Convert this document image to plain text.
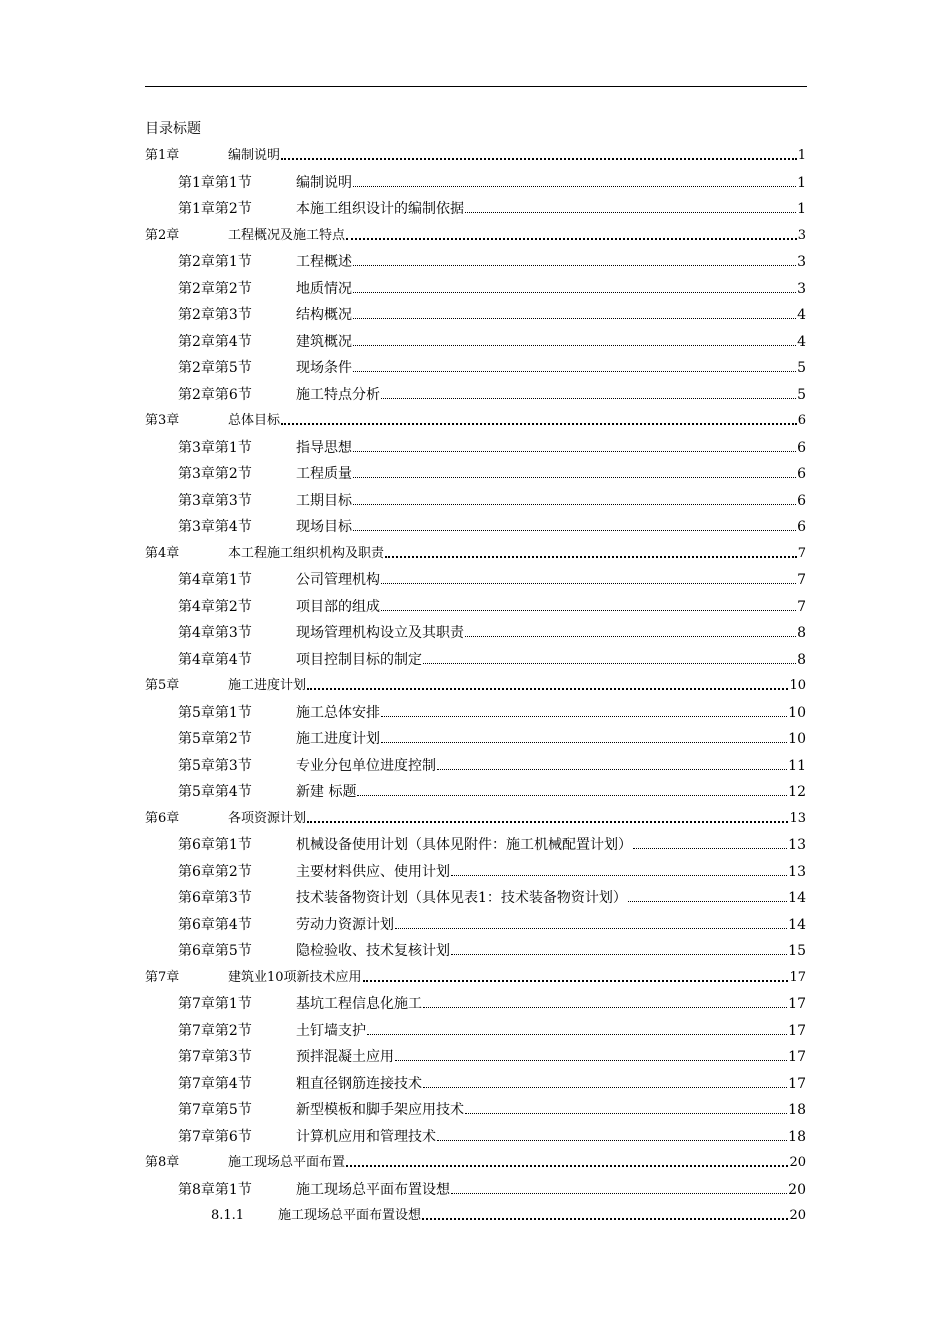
目录标题
第1章	编制说明	1
第1章第1节	编制说明	1
第1章第2节	本施工组织设计的编制依据	1
第2章	工程概况及施工特点	3
第2章第1节	工程概述	3
第2章第2节	地质情况	3
第2章第3节	结构概况	4
第2章第4节	建筑概况	4
第2章第5节	现场条件	5
第2章第6节	施工特点分析	5
第3章	总体目标	6
第3章第1节	指导思想	6
第3章第2节	工程质量	6
第3章第3节	工期目标	6
第3章第4节	现场目标	6
第4章	本工程施工组织机构及职责	7
第4章第1节	公司管理机构	7
第4章第2节	项目部的组成	7
第4章第3节	现场管理机构设立及其职责	8
第4章第4节	项目控制目标的制定	8
第5章	施工进度计划	10
第5章第1节	施工总体安排	10
第5章第2节	施工进度计划	10
第5章第3节	专业分包单位进度控制	11
第5章第4节	新建 标题	12
第6章	各项资源计划	13
第6章第1节	机械设备使用计划（具体见附件：施工机械配置计划）	13
第6章第2节	主要材料供应、使用计划	13
第6章第3节	技术装备物资计划（具体见表1：技术装备物资计划）	14
第6章第4节	劳动力资源计划	14
第6章第5节	隐检验收、技术复核计划	15
第7章	建筑业10项新技术应用	17
第7章第1节	基坑工程信息化施工	17
第7章第2节	土钉墙支护	17
第7章第3节	预拌混凝土应用	17
第7章第4节	粗直径钢筋连接技术	17
第7章第5节	新型模板和脚手架应用技术	18
第7章第6节	计算机应用和管理技术	18
第8章	施工现场总平面布置	20
第8章第1节	施工现场总平面布置设想	20
8.1.1	施工现场总平面布置设想	20
